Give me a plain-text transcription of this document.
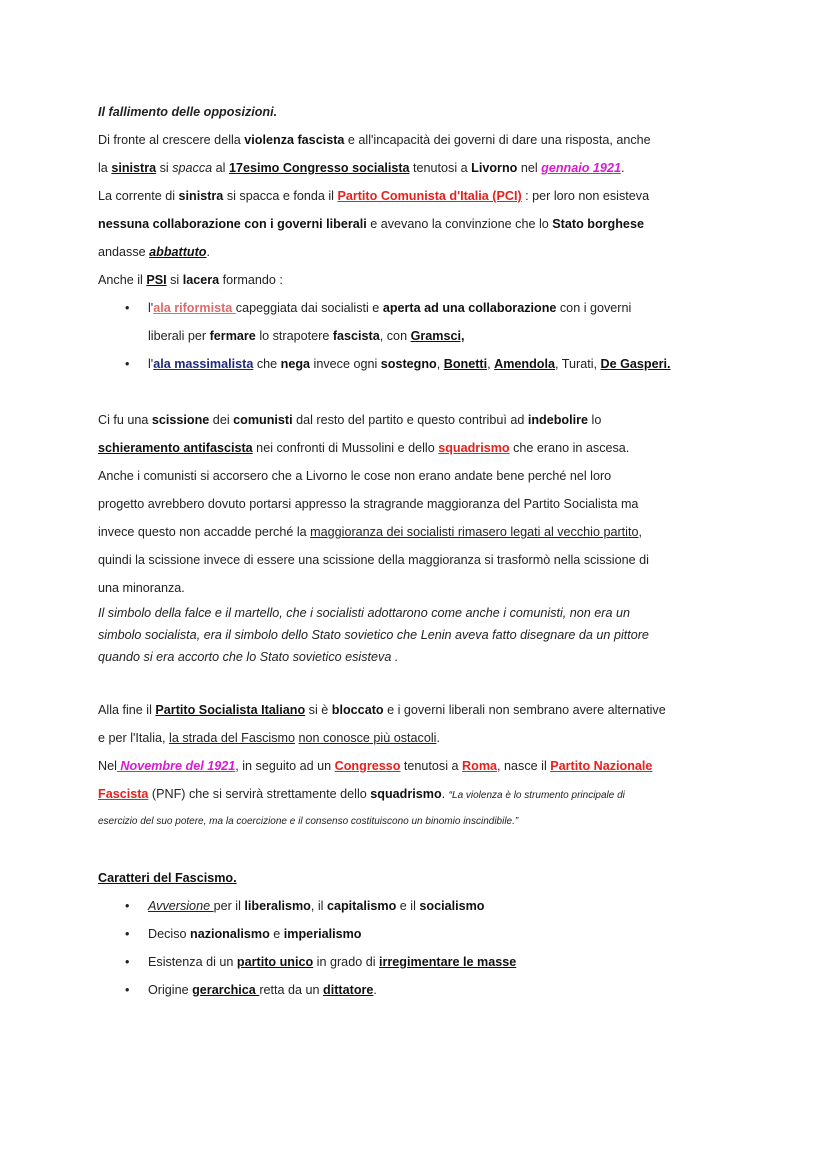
Il fallimento delle opposizioni.
Di fronte al crescere della violenza fascista e all'incapacità dei governi di dare una risposta, anche
la sinistra si spacca al 17esimo Congresso socialista tenutosi a Livorno nel gennaio 1921.
La corrente di sinistra si spacca e fonda il Partito Comunista d'Italia (PCI) : per loro non esisteva
nessuna collaborazione con i governi liberali e avevano la convinzione che lo Stato borghese
andasse abbattuto.
Anche il PSI si lacera formando :
• l'ala riformista capeggiata dai socialisti e aperta ad una collaborazione con i governi
liberali per fermare lo strapotere fascista, con Gramsci,
• l'ala massimalista che nega invece ogni sostegno, Bonetti, Amendola, Turati, De Gasperi.
Ci fu una scissione dei comunisti dal resto del partito e questo contribuì ad indebolire lo
schieramento antifascista nei confronti di Mussolini e dello squadrismo che erano in ascesa.
Anche i comunisti si accorsero che a Livorno le cose non erano andate bene perché nel loro
progetto avrebbero dovuto portarsi appresso la stragrande maggioranza del Partito Socialista ma
invece questo non accadde perché la maggioranza dei socialisti rimasero legati al vecchio partito,
quindi la scissione invece di essere una scissione della maggioranza si trasformò nella scissione di
una minoranza.
Il simbolo della falce e il martello, che i socialisti adottarono come anche i comunisti, non era un
simbolo socialista, era il simbolo dello Stato sovietico che Lenin aveva fatto disegnare da un pittore
quando si era accorto che lo Stato sovietico esisteva .
Alla fine il Partito Socialista Italiano si è bloccato e i governi liberali non sembrano avere alternative
e per l'Italia, la strada del Fascismo non conosce più ostacoli.
Nel Novembre del 1921, in seguito ad un Congresso tenutosi a Roma, nasce il Partito Nazionale
Fascista (PNF) che si servirà strettamente dello squadrismo. “La violenza è lo strumento principale di
esercizio del suo potere, ma la coercizione e il consenso costituiscono un binomio inscindibile.”
Caratteri del Fascismo.
• Avversione per il liberalismo, il capitalismo e il socialismo
• Deciso nazionalismo e imperialismo
• Esistenza di un partito unico in grado di irregimentare le masse
• Origine gerarchica retta da un dittatore.
